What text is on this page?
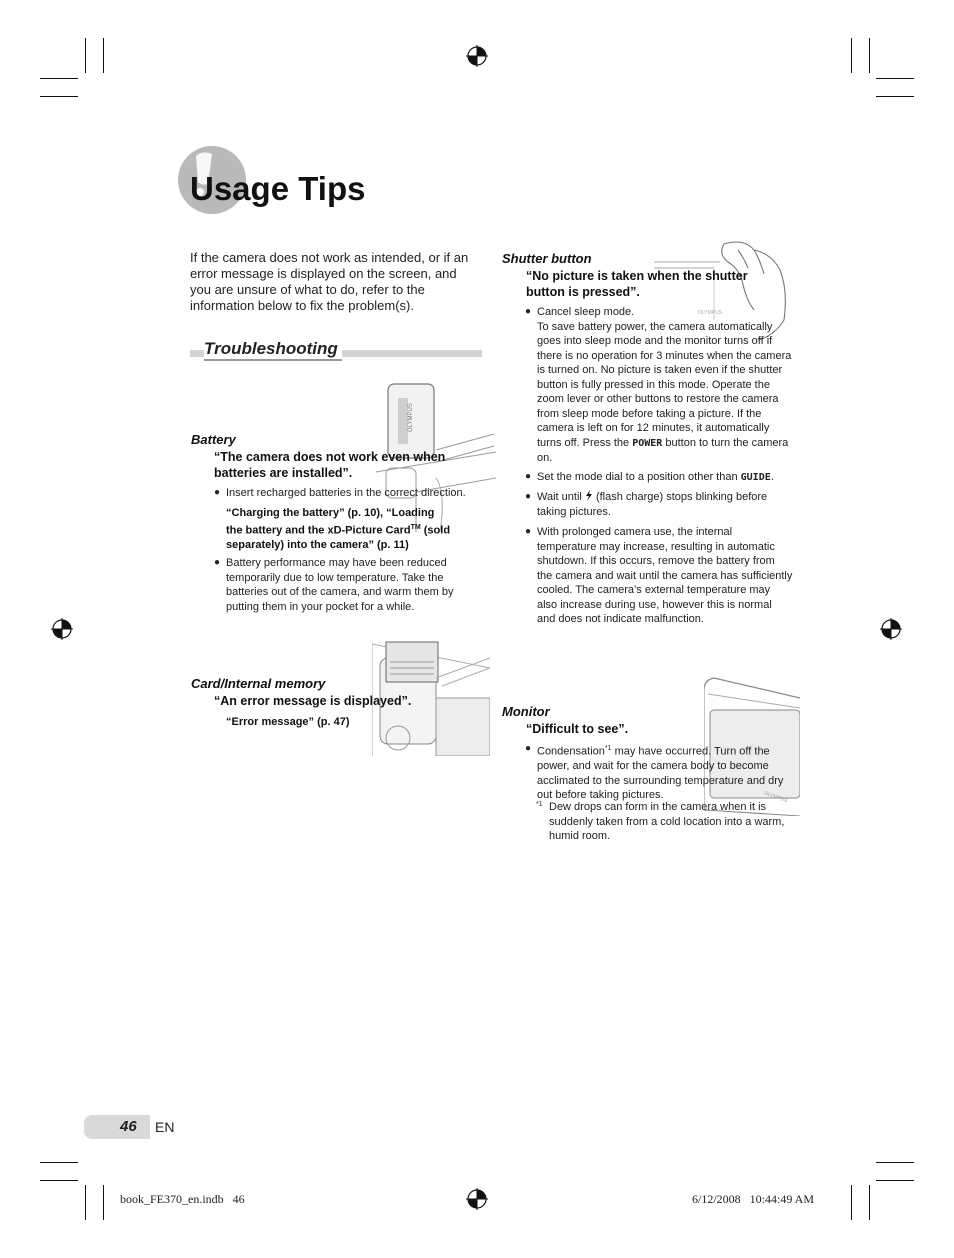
Usage Tips
If the camera does not work as intended, or if an error message is displayed on the screen, and you are unsure of what to do, refer to the information below to fix the problem(s).
Troubleshooting
OLYMPUS
Battery
“The camera does not work even when batteries are installed”.
● Insert recharged batteries in the correct direction.
“Charging the battery” (p. 10), “Loading
the battery and the xD-Picture Card™ (sold
separately) into the camera” (p. 11)
● Battery performance may have been reduced temporarily due to low temperature. Take the batteries out of the camera, and warm them by putting them in your pocket for a while.
Card/Internal memory
“An error message is displayed”.
“Error message” (p. 47)
OLYMPUS
Shutter button
“No picture is taken when the shutter button is pressed”.
● Cancel sleep mode.
To save battery power, the camera automatically goes into sleep mode and the monitor turns off if there is no operation for 3 minutes when the camera is turned on. No picture is taken even if the shutter button is fully pressed in this mode. Operate the zoom lever or other buttons to restore the camera from sleep mode before taking a picture. If the camera is left on for 12 minutes, it automatically turns off. Press the POWER button to turn the camera on.
● Set the mode dial to a position other than GUIDE.
● Wait until  (flash charge) stops blinking before taking pictures.
● With prolonged camera use, the internal temperature may increase, resulting in automatic shutdown. If this occurs, remove the battery from the camera and wait until the camera has sufficiently cooled. The camera’s external temperature may also increase during use, however this is normal and does not indicate malfunction.
OLYMPUS
Monitor
“Difficult to see”.
● Condensation$^{*1}$ may have occurred. Turn off the power, and wait for the camera body to become acclimated to the surrounding temperature and dry out before taking pictures.
*1 Dew drops can form in the camera when it is suddenly taken from a cold location into a warm, humid room.
46 EN
book_FE370_en.indb   46	6/12/2008   10:44:49 AM
